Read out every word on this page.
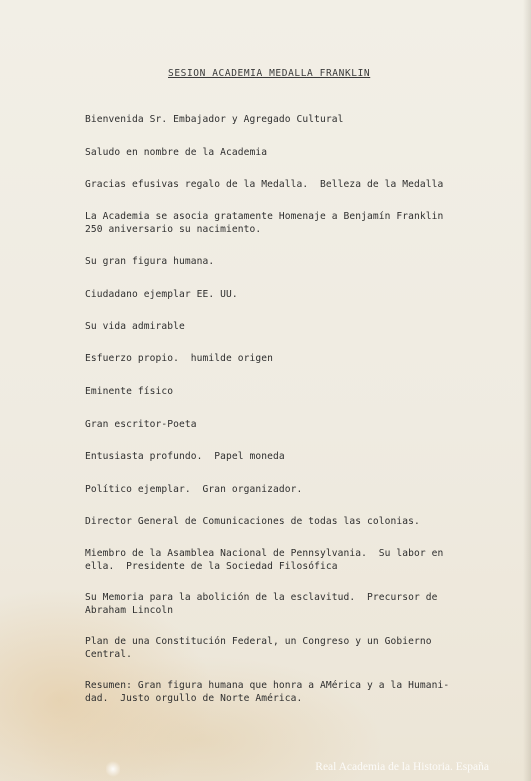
SESION ACADEMIA MEDALLA FRANKLIN
Bienvenida Sr. Embajador y Agregado Cultural
Saludo en nombre de la Academia
Gracias efusivas regalo de la Medalla.  Belleza de la Medalla
La Academia se asocia gratamente Homenaje a Benjamín Franklin
250 aniversario su nacimiento.
Su gran figura humana.
Ciudadano ejemplar EE. UU.
Su vida admirable
Esfuerzo propio.  humilde origen
Eminente físico
Gran escritor-Poeta
Entusiasta profundo.  Papel moneda
Político ejemplar.  Gran organizador.
Director General de Comunicaciones de todas las colonias.
Miembro de la Asamblea Nacional de Pennsylvania.  Su labor en
ella.  Presidente de la Sociedad Filosófica
Su Memoria para la abolición de la esclavitud.  Precursor de
Abraham Lincoln
Plan de una Constitución Federal, un Congreso y un Gobierno
Central.
Resumen: Gran figura humana que honra a AMérica y a la Humani-
dad.  Justo orgullo de Norte América.
Real Academia de la Historia. España
